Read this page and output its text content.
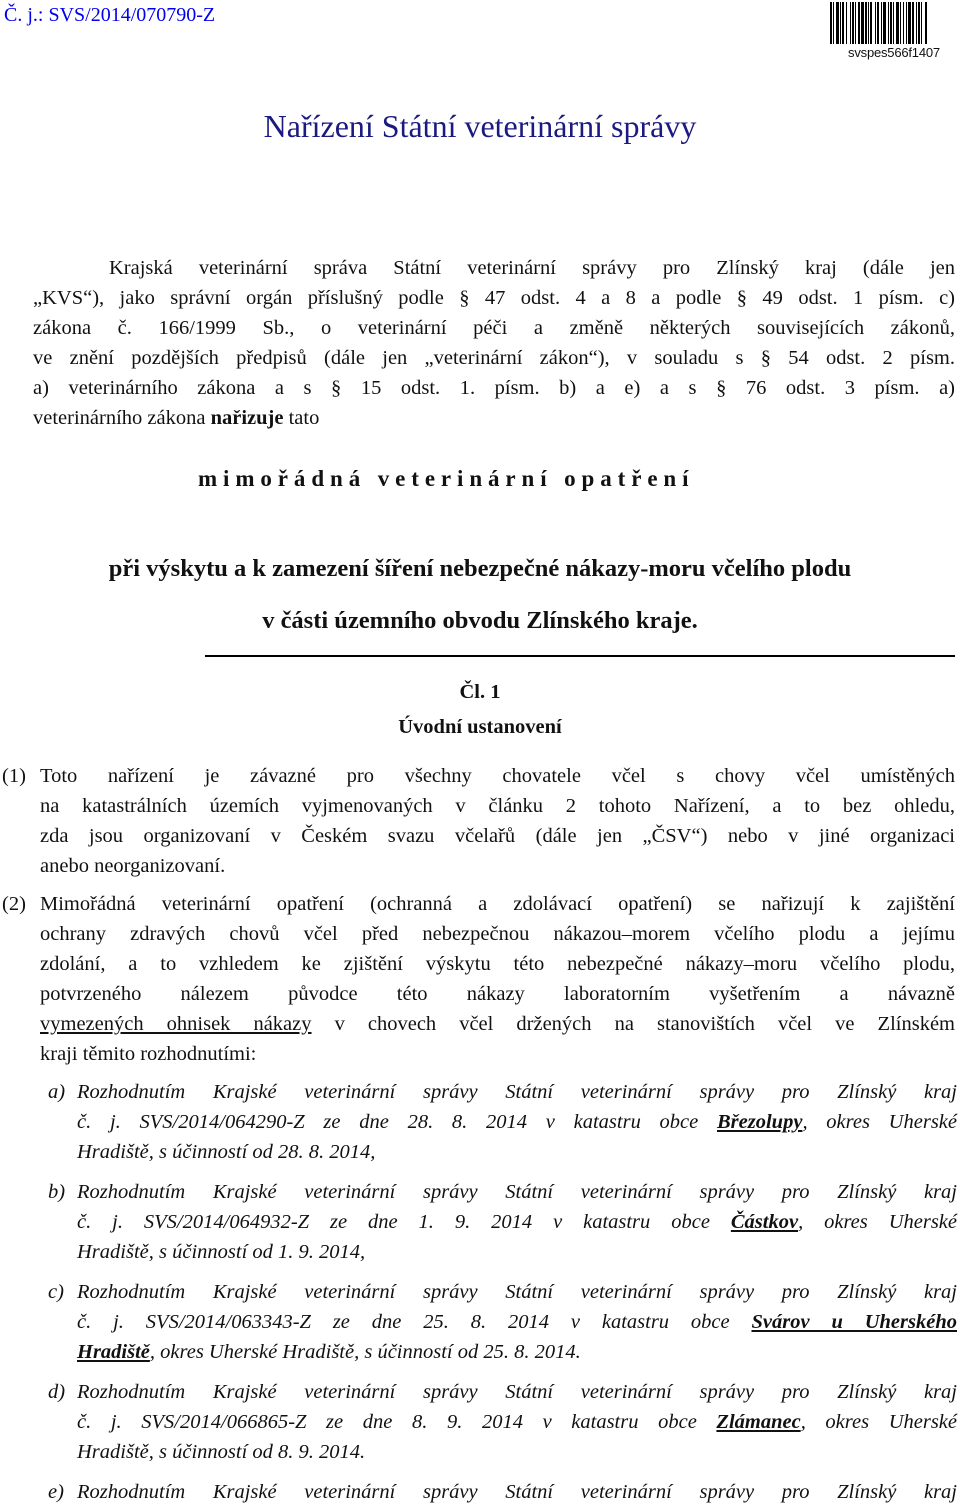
Č. j.: SVS/2014/070790-Z
svspes566f1407
Nařízení Státní veterinární správy
Krajská veterinární správa Státní veterinární správy pro Zlínský kraj (dále jen
„KVS“), jako správní orgán příslušný podle § 47 odst. 4 a 8 a podle § 49 odst. 1 písm. c)
zákona č. 166/1999 Sb., o veterinární péči a změně některých souvisejících zákonů,
ve znění pozdějších předpisů (dále jen „veterinární zákon“), v souladu s § 54 odst. 2 písm.
a) veterinárního zákona a s § 15 odst. 1. písm. b) a e) a s § 76 odst. 3 písm. a)
veterinárního zákona nařizuje tato
mimořádná veterinární opatření
při výskytu a k zamezení šíření nebezpečné nákazy-moru včelího plodu
v části územního obvodu Zlínského kraje.
Čl. 1
Úvodní ustanovení
(1) Toto nařízení je závazné pro všechny chovatele včel s chovy včel umístěných
na katastrálních územích vyjmenovaných v článku 2 tohoto Nařízení, a to bez ohledu,
zda jsou organizovaní v Českém svazu včelařů (dále jen „ČSV“) nebo v jiné organizaci
anebo neorganizovaní.
(2) Mimořádná veterinární opatření (ochranná a zdolávací opatření) se nařizují k zajištění
ochrany zdravých chovů včel před nebezpečnou nákazou–morem včelího plodu a jejímu
zdolání, a to vzhledem ke zjištění výskytu této nebezpečné nákazy–moru včelího plodu,
potvrzeného nálezem původce této nákazy laboratorním vyšetřením a návazně
vymezených ohnisek nákazy v chovech včel držených na stanovištích včel ve Zlínském
kraji těmito rozhodnutími:
a) Rozhodnutím Krajské veterinární správy Státní veterinární správy pro Zlínský kraj
č. j. SVS/2014/064290-Z ze dne 28. 8. 2014 v katastru obce Březolupy, okres Uherské
Hradiště, s účinností od 28. 8. 2014,
b) Rozhodnutím Krajské veterinární správy Státní veterinární správy pro Zlínský kraj
č. j. SVS/2014/064932-Z ze dne 1. 9. 2014 v katastru obce Částkov, okres Uherské
Hradiště, s účinností od 1. 9. 2014,
c) Rozhodnutím Krajské veterinární správy Státní veterinární správy pro Zlínský kraj
č. j. SVS/2014/063343-Z ze dne 25. 8. 2014 v katastru obce Svárov u Uherského
Hradiště, okres Uherské Hradiště, s účinností od 25. 8. 2014.
d) Rozhodnutím Krajské veterinární správy Státní veterinární správy pro Zlínský kraj
č. j. SVS/2014/066865-Z ze dne 8. 9. 2014 v katastru obce Zlámanec, okres Uherské
Hradiště, s účinností od 8. 9. 2014.
e) Rozhodnutím Krajské veterinární správy Státní veterinární správy pro Zlínský kraj
